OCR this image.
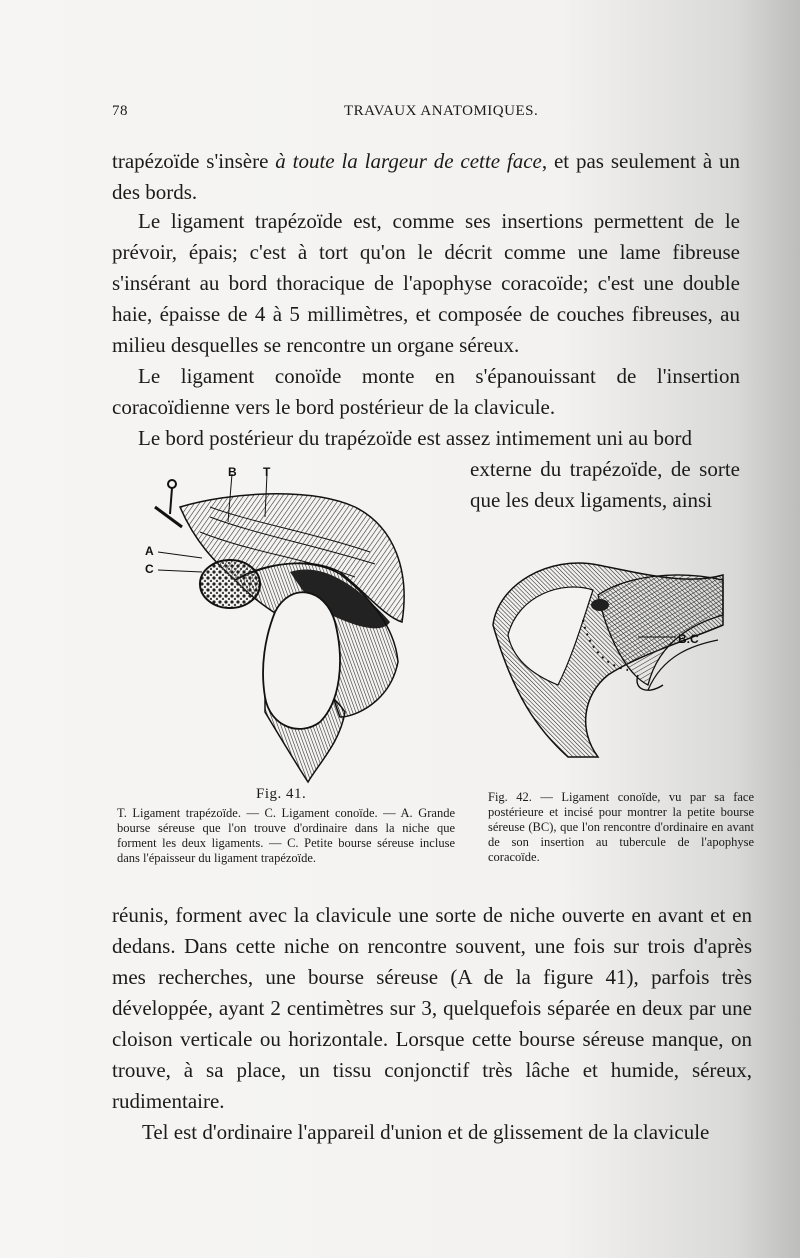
78	TRAVAUX ANATOMIQUES.

trapézoïde s'insère à toute la largeur de cette face, et pas seulement à un des bords.

Le ligament trapézoïde est, comme ses insertions permettent de le prévoir, épais; c'est à tort qu'on le décrit comme une lame fibreuse s'insérant au bord thoracique de l'apophyse coracoïde; c'est une double haie, épaisse de 4 à 5 millimètres, et composée de couches fibreuses, au milieu desquelles se rencontre un organe séreux.

Le ligament conoïde monte en s'épanouissant de l'insertion coracoïdienne vers le bord postérieur de la clavicule.

Le bord postérieur du trapézoïde est assez intimement uni au bord

externe du trapézoïde, de sorte que les deux ligaments, ainsi

B T
A
C
B.C
Fig. 41.

T. Ligament trapézoïde. — C. Ligament conoïde. — A. Grande bourse séreuse que l'on trouve d'ordinaire dans la niche que forment les deux ligaments. — C. Petite bourse séreuse incluse dans l'épaisseur du ligament trapézoïde.

Fig. 42. — Ligament conoïde, vu par sa face postérieure et incisé pour montrer la petite bourse séreuse (BC), que l'on rencontre d'ordinaire en avant de son insertion au tubercule de l'apophyse coracoïde.

réunis, forment avec la clavicule une sorte de niche ouverte en avant et en dedans. Dans cette niche on rencontre souvent, une fois sur trois d'après mes recherches, une bourse séreuse (A de la figure 41), parfois très développée, ayant 2 centimètres sur 3, quelquefois séparée en deux par une cloison verticale ou horizontale. Lorsque cette bourse séreuse manque, on trouve, à sa place, un tissu conjonctif très lâche et humide, séreux, rudimentaire.

Tel est d'ordinaire l'appareil d'union et de glissement de la clavicule
